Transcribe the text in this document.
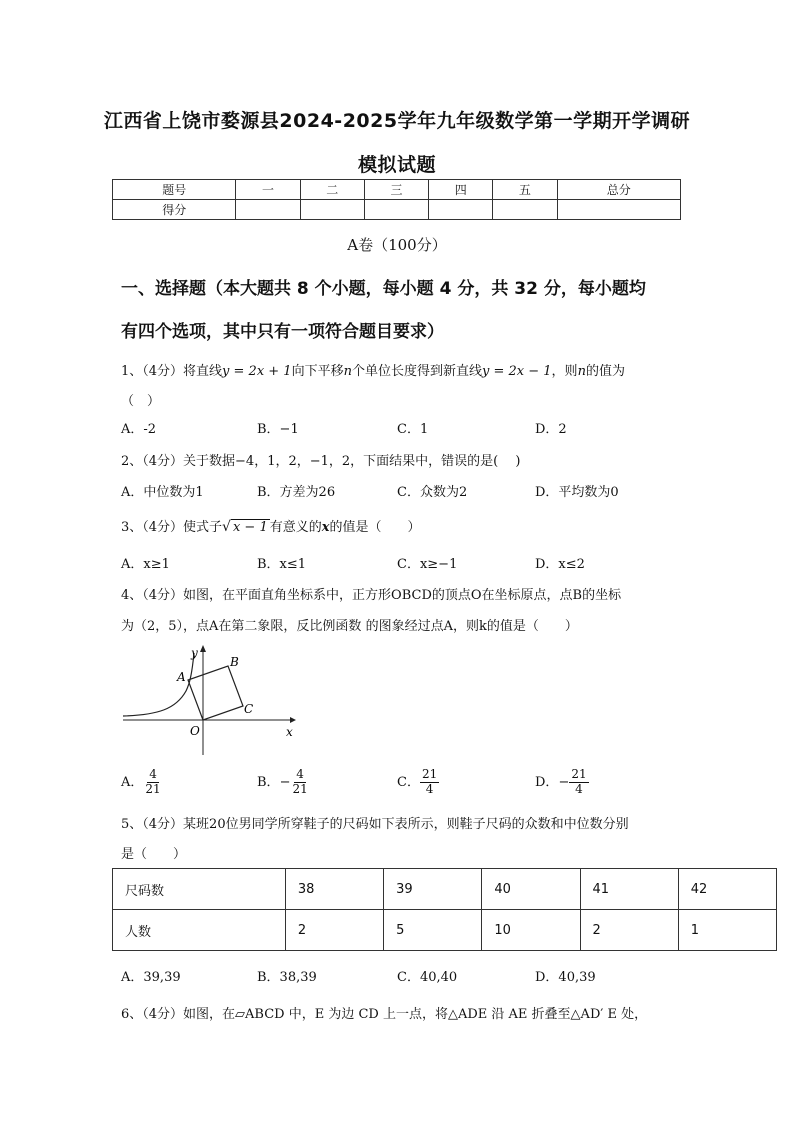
江西省上饶市婺源县2024-2025学年九年级数学第一学期开学调研
模拟试题
题号	一	二	三	四	五	总分
得分						
A卷（100分）
一、选择题（本大题共 8 个小题，每小题 4 分，共 32 分，每小题均
有四个选项，其中只有一项符合题目要求）
1、（4分）将直线y = 2x + 1向下平移n个单位长度得到新直线y = 2x − 1，则n的值为
（　）
A．-2	B．−1	C．1	D．2
2、（4分）关于数据−4，1，2，−1，2，下面结果中，错误的是(　 )
A．中位数为1	B．方差为26	C．众数为2	D．平均数为0
3、（4分）使式子√ x − 1 有意义的x的值是（　　）
A．x≥1	B．x≤1	C．x≥−1	D．x≤2
4、（4分）如图，在平面直角坐标系中，正方形OBCD的顶点O在坐标原点，点B的坐标
为（2，5），点A在第二象限，反比例函数 的图象经过点A，则k的值是（　　）
y
x
O
A
B
C
A． $\frac{4}{21}$	B．− $\frac{4}{21}$	C． $\frac{21}{4}$	D．− $\frac{21}{4}$
5、（4分）某班20位男同学所穿鞋子的尺码如下表所示，则鞋子尺码的众数和中位数分别
是（　　）
尺码数	38	39	40	41	42
人数	2	5	10	2	1
A．39,39	B．38,39	C．40,40	D．40,39
6、（4分）如图，在▱ABCD 中，E 为边 CD 上一点，将△ADE 沿 AE 折叠至△AD′ E 处，
